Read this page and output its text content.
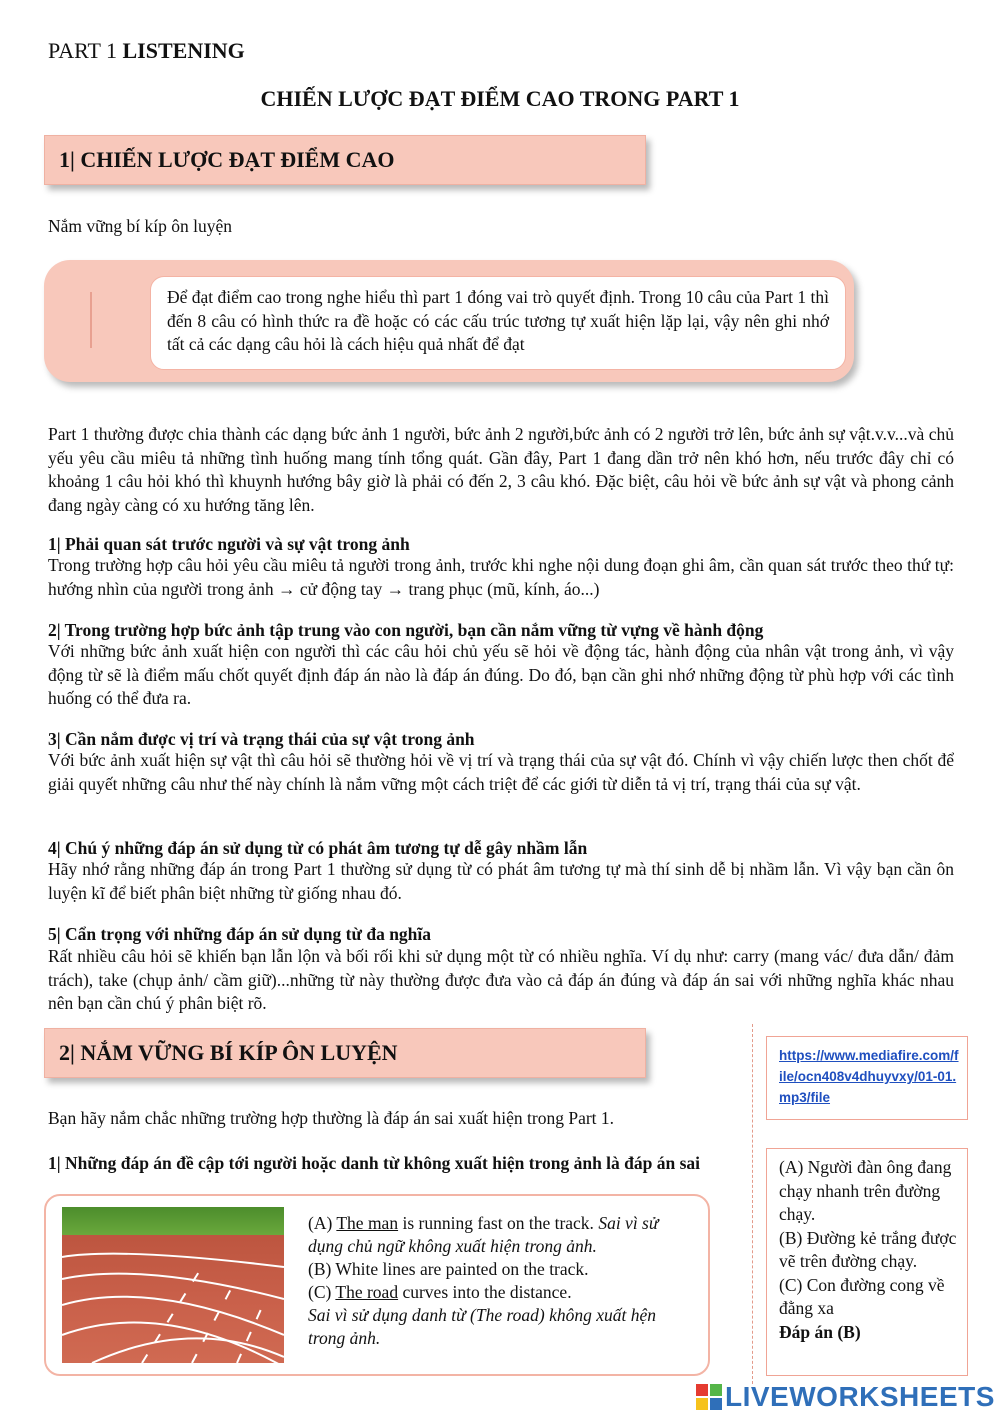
PART 1 LISTENING
CHIẾN LƯỢC ĐẠT ĐIỂM CAO TRONG PART 1
1| CHIẾN LƯỢC ĐẠT ĐIỂM CAO
Nắm vững bí kíp ôn luyện
Để đạt điểm cao trong nghe hiểu thì part 1 đóng vai trò quyết định. Trong 10 câu của Part 1 thì đến 8 câu có hình thức ra đề hoặc có các cấu trúc tương tự xuất hiện lặp lại, vậy nên ghi nhớ tất cả các dạng câu hỏi là cách hiệu quả nhất để đạt
Part 1 thường được chia thành các dạng bức ảnh 1 người, bức ảnh 2 người,bức ảnh có 2 người trở lên, bức ảnh sự vật.v.v...và chủ yếu yêu cầu miêu tả những tình huống mang tính tổng quát. Gần đây, Part 1 đang dần trở nên khó hơn, nếu trước đây chỉ có khoảng 1 câu hỏi khó thì khuynh hướng bây giờ là phải có đến 2, 3 câu khó. Đặc biệt, câu hỏi về bức ảnh sự vật và phong cảnh đang ngày càng có xu hướng tăng lên.
1| Phải quan sát trước người và sự vật trong ảnh
Trong trường hợp câu hỏi yêu cầu miêu tả người trong ảnh, trước khi nghe nội dung đoạn ghi âm, cần quan sát trước theo thứ tự: hướng nhìn của người trong ảnh → cử động tay → trang phục (mũ, kính, áo...)
2| Trong trường hợp bức ảnh tập trung vào con người, bạn cần nắm vững từ vựng về hành động
Với những bức ảnh xuất hiện con người thì các câu hỏi chủ yếu sẽ hỏi về động tác, hành động của nhân vật trong ảnh, vì vậy động từ sẽ là điểm mấu chốt quyết định đáp án nào là đáp án đúng. Do đó, bạn cần ghi nhớ những động từ phù hợp với các tình huống có thể đưa ra.
3| Cần nắm được vị trí và trạng thái của sự vật trong ảnh
Với bức ảnh xuất hiện sự vật thì câu hỏi sẽ thường hỏi về vị trí và trạng thái của sự vật đó. Chính vì vậy chiến lược then chốt để giải quyết những câu như thế này chính là nắm vững một cách triệt để các giới từ diễn tả vị trí, trạng thái của sự vật.
4| Chú ý những đáp án sử dụng từ có phát âm tương tự dễ gây nhầm lẫn
Hãy nhớ rằng những đáp án trong Part 1 thường sử dụng từ có phát âm tương tự mà thí sinh dễ bị nhầm lẫn. Vì vậy bạn cần ôn luyện kĩ để biết phân biệt những từ giống nhau đó.
5| Cẩn trọng với những đáp án sử dụng từ đa nghĩa
Rất nhiều câu hỏi sẽ khiến bạn lẫn lộn và bối rối khi sử dụng một từ có nhiều nghĩa. Ví dụ như: carry (mang vác/ đưa dẫn/ đảm trách), take (chụp ảnh/ cầm giữ)...những từ này thường được đưa vào cả đáp án đúng và đáp án sai với những nghĩa khác nhau nên bạn cần chú ý phân biệt rõ.
2| NẮM VỮNG BÍ KÍP ÔN LUYỆN	https://www.mediafire.com/file/ocn408v4dhuyvxy/01-01.mp3/file
Bạn hãy nắm chắc những trường hợp thường là đáp án sai xuất hiện trong Part 1.
1| Những đáp án đề cập tới người hoặc danh từ không xuất hiện trong ảnh là đáp án sai
(A) The man is running fast on the track. Sai vì sử dụng chủ ngữ không xuất hiện trong ảnh.
(B) White lines are painted on the track.
(C) The road curves into the distance.
Sai vì sử dụng danh từ (The road) không xuất hện trong ảnh.
(A) Người đàn ông đang chạy nhanh trên đường chạy.
(B) Đường kẻ trắng được vẽ trên đường chạy.
(C) Con đường cong về đằng xa
Đáp án (B)
LIVEWORKSHEETS
